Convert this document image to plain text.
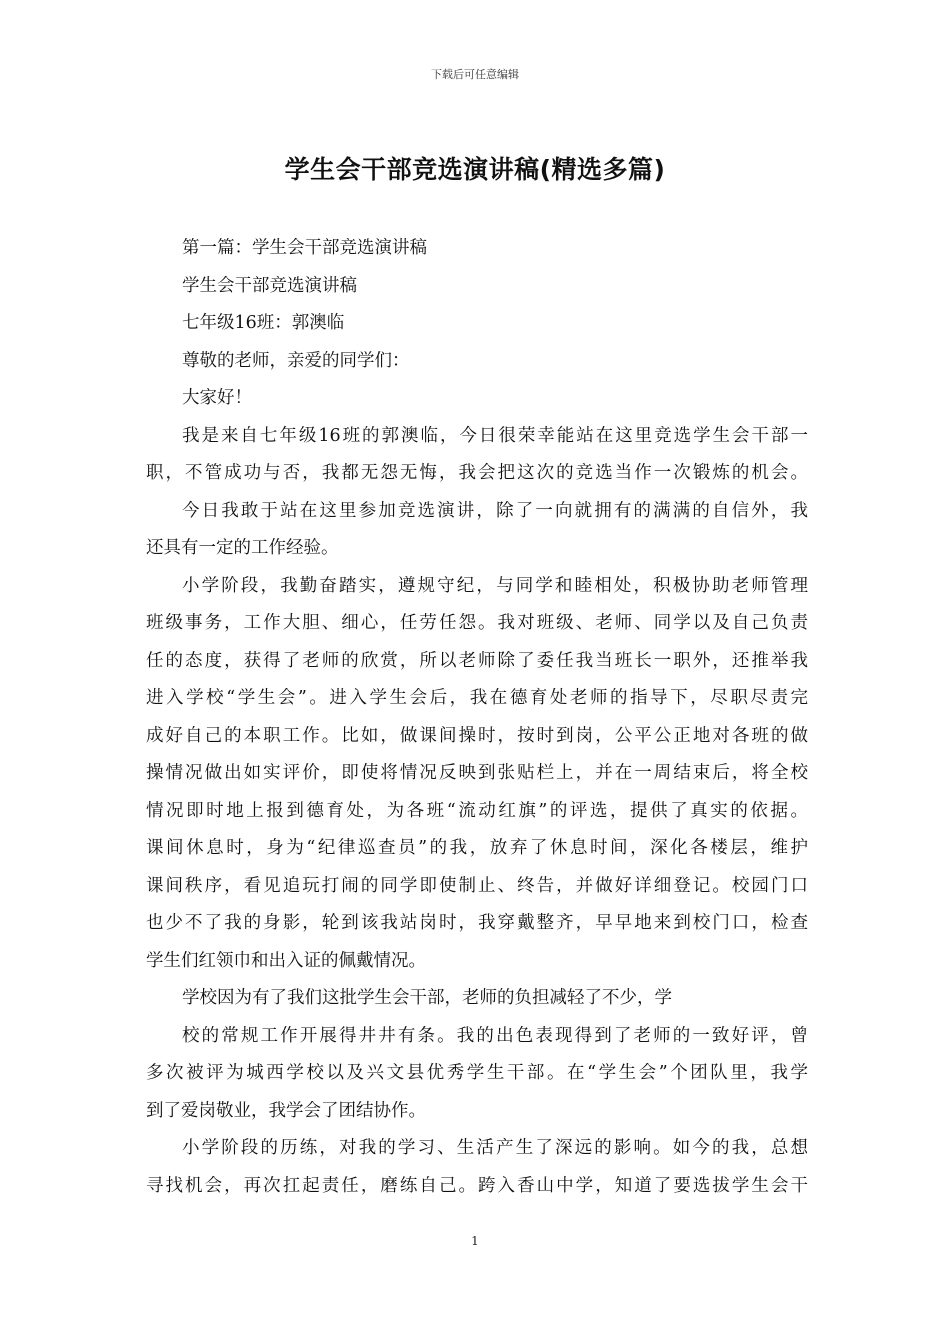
下载后可任意编辑
学生会干部竞选演讲稿(精选多篇)
第一篇：学生会干部竞选演讲稿
学生会干部竞选演讲稿
七年级16班：郭澳临
尊敬的老师，亲爱的同学们：
大家好！
我是来自七年级16班的郭澳临，今日很荣幸能站在这里竞选学生会干部一
职，不管成功与否，我都无怨无悔，我会把这次的竞选当作一次锻炼的机会。
今日我敢于站在这里参加竞选演讲，除了一向就拥有的满满的自信外，我
还具有一定的工作经验。
小学阶段，我勤奋踏实，遵规守纪，与同学和睦相处，积极协助老师管理
班级事务，工作大胆、细心，任劳任怨。我对班级、老师、同学以及自己负责
任的态度，获得了老师的欣赏，所以老师除了委任我当班长一职外，还推举我
进入学校“学生会”。进入学生会后，我在德育处老师的指导下，尽职尽责完
成好自己的本职工作。比如，做课间操时，按时到岗，公平公正地对各班的做
操情况做出如实评价，即使将情况反映到张贴栏上，并在一周结束后，将全校
情况即时地上报到德育处，为各班“流动红旗”的评选，提供了真实的依据。
课间休息时，身为“纪律巡查员”的我，放弃了休息时间，深化各楼层，维护
课间秩序，看见追玩打闹的同学即使制止、终告，并做好详细登记。校园门口
也少不了我的身影，轮到该我站岗时，我穿戴整齐，早早地来到校门口，检查
学生们红领巾和出入证的佩戴情况。
学校因为有了我们这批学生会干部，老师的负担减轻了不少，学
校的常规工作开展得井井有条。我的出色表现得到了老师的一致好评，曾
多次被评为城西学校以及兴文县优秀学生干部。在“学生会”个团队里，我学
到了爱岗敬业，我学会了团结协作。
小学阶段的历练，对我的学习、生活产生了深远的影响。如今的我，总想
寻找机会，再次扛起责任，磨练自己。跨入香山中学，知道了要选拔学生会干
1
